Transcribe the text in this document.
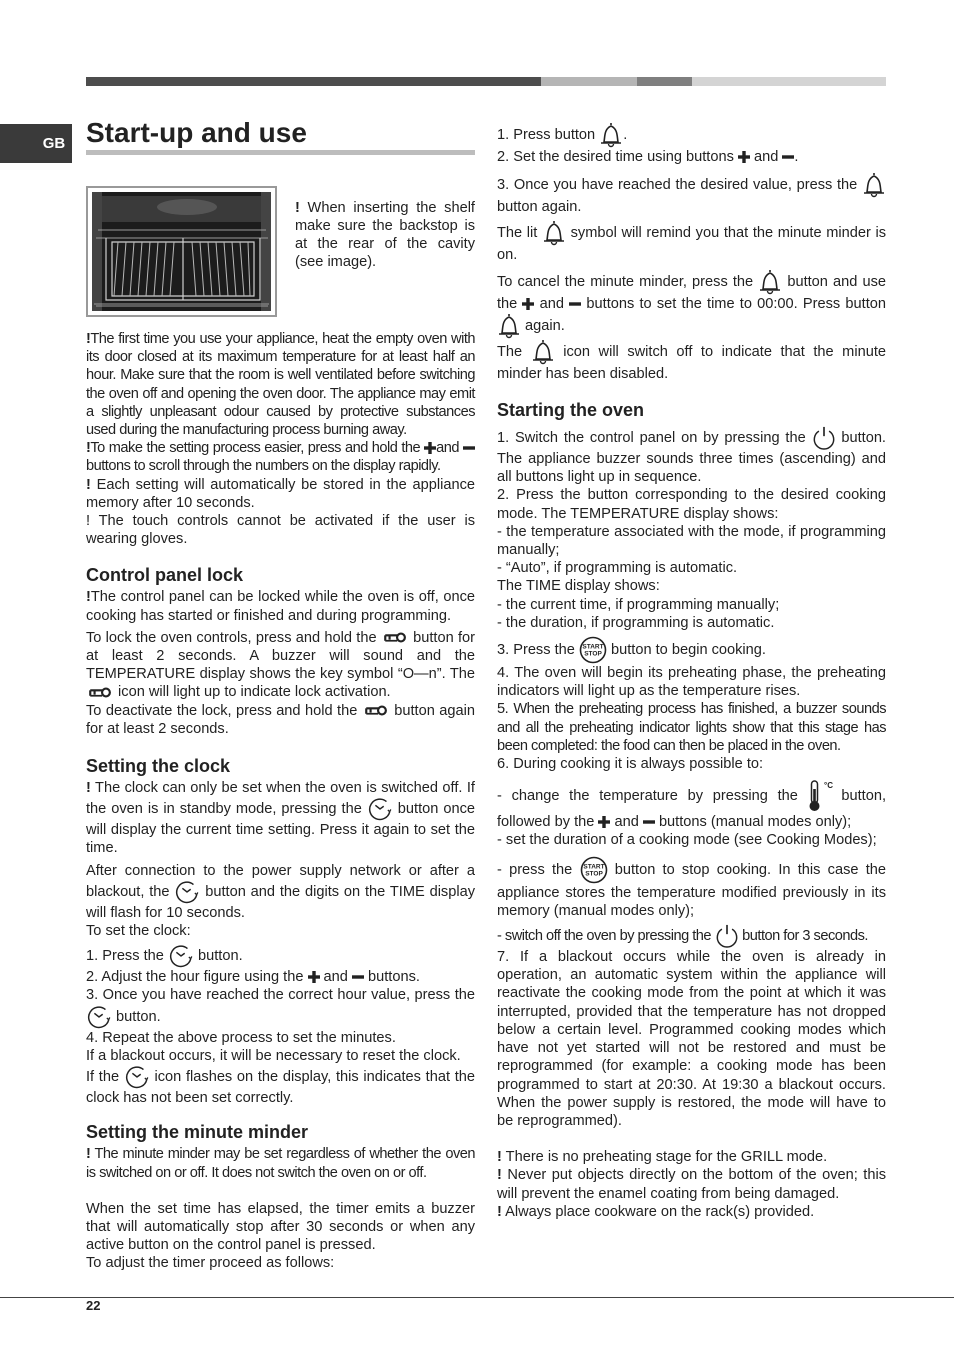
GB Start-up and use

! When inserting the shelf make sure the backstop is at the rear of the cavity (see image).

!The first time you use your appliance, heat the empty oven with its door closed at its maximum temperature for at least half an hour. Make sure that the room is well ventilated before switching the oven off and opening the oven door. The appliance may emit a slightly unpleasant odour caused by protective substances used during the manufacturing process burning away.

!To make the setting process easier, press and hold the
and
buttons to scroll through the numbers on the display rapidly.

! Each setting will automatically be stored in the appliance memory after 10 seconds.

! The touch controls cannot be activated if the user is wearing gloves.

Control panel lock

!The control panel can be locked while the oven is off, once cooking has started or finished and during programming.

To lock the oven controls, press and hold the
button for at least 2 seconds. A buzzer will sound and the TEMPERATURE display shows the key symbol “O—n”. The
icon will light up to indicate lock activation.

To deactivate the lock, press and hold the
button again for at least 2 seconds.

Setting the clock

! The clock can only be set when the oven is switched off. If the oven is in standby mode, pressing the
button once will display the current time setting. Press it again to set the time.

After connection to the power supply network or after a blackout, the
button and the digits on the TIME display will flash for 10 seconds.

To set the clock:

1. Press the
button.

2. Adjust the hour figure using the
and
buttons.

3. Once you have reached the correct hour value, press the
button.

4. Repeat the above process to set the minutes.

If a blackout occurs, it will be necessary to reset the clock.

If the
icon flashes on the display, this indicates that the clock has not been set correctly.

Setting the minute minder

! The minute minder may be set regardless of whether the oven is switched on or off. It does not switch the oven on or off.

When the set time has elapsed, the timer emits a buzzer that will automatically stop after 30 seconds or when any active button on the control panel is pressed.

To adjust the timer proceed as follows:

1. Press button
.

2. Set the desired time using buttons
and
.

3. Once you have reached the desired value, press the
button again.

The lit
symbol will remind you that the minute minder is on.

To cancel the minute minder, press the
button and use the
and
buttons to set the time to 00:00. Press button
again.

The
icon will switch off to indicate that the minute minder has been disabled.

Starting the oven

1. Switch the control panel on by pressing the
button. The appliance buzzer sounds three times (ascending) and all buttons light up in sequence.

2. Press the button corresponding to the desired cooking mode. The TEMPERATURE display shows:

- the temperature associated with the mode, if programming manually;

- “Auto”, if programming is automatic.

The TIME display shows:

- the current time, if programming manually;

- the duration, if programming is automatic.

3. Press the START
STOP button to begin cooking.

4. The oven will begin its preheating phase, the preheating indicators will light up as the temperature rises.

5. When the preheating process has finished, a buzzer sounds and all the preheating indicator lights show that this stage has been completed: the food can then be placed in the oven.

6. During cooking it is always possible to:

- change the temperature by pressing the
°C
button, followed by the
and
buttons (manual modes only);

- set the duration of a cooking mode (see Cooking Modes);

- press the START
STOP button to stop cooking. In this case the appliance stores the temperature modified previously in its memory (manual modes only);

- switch off the oven by pressing the
button for 3 seconds.

7. If a blackout occurs while the oven is already in operation, an automatic system within the appliance will reactivate the cooking mode from the point at which it was interrupted, provided that the temperature has not dropped below a certain level. Programmed cooking modes which have not yet started will not be restored and must be reprogrammed (for example: a cooking mode has been programmed to start at 20:30. At 19:30 a blackout occurs. When the power supply is restored, the mode will have to be reprogrammed).

! There is no preheating stage for the GRILL mode.

! Never put objects directly on the bottom of the oven; this will prevent the enamel coating from being damaged.

! Always place cookware on the rack(s) provided.

22
